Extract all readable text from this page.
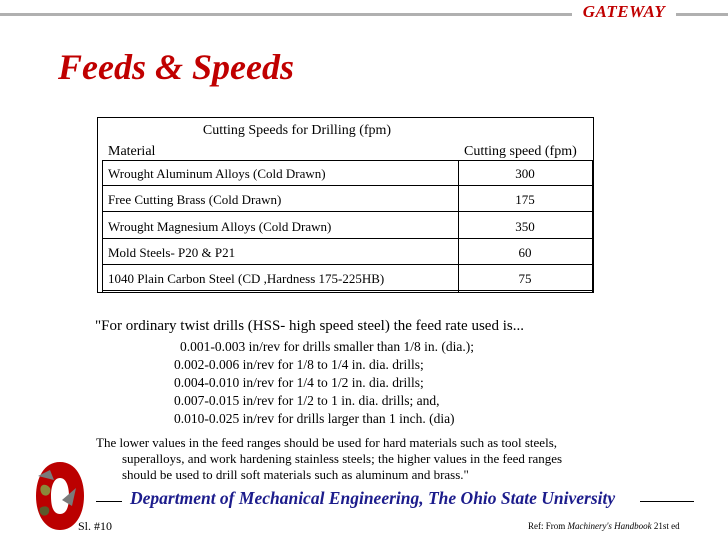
GATEWAY
Feeds & Speeds
Cutting Speeds for Drilling (fpm)
Material	Cutting speed (fpm)
Wrought Aluminum Alloys (Cold Drawn)	300
Free Cutting Brass (Cold Drawn)	175
Wrought Magnesium Alloys (Cold Drawn)	350
Mold Steels- P20 & P21	60
1040 Plain Carbon Steel (CD ,Hardness 175-225HB)	75
"For ordinary twist drills (HSS- high speed steel) the feed rate used is...
0.001-0.003 in/rev for drills smaller than 1/8 in. (dia.);
0.002-0.006 in/rev for 1/8 to 1/4 in. dia. drills;
0.004-0.010 in/rev for 1/4 to 1/2 in. dia. drills;
0.007-0.015 in/rev for 1/2 to 1 in. dia. drills; and,
0.010-0.025 in/rev for drills larger than 1 inch. (dia)
The lower values in the feed ranges should be used for hard materials such as tool steels,
superalloys, and work hardening stainless steels; the higher values in the feed ranges
should be used to drill soft materials such as aluminum and brass."
Department of Mechanical Engineering, The Ohio State University
Sl. #10	Ref: From Machinery's Handbook 21st ed
